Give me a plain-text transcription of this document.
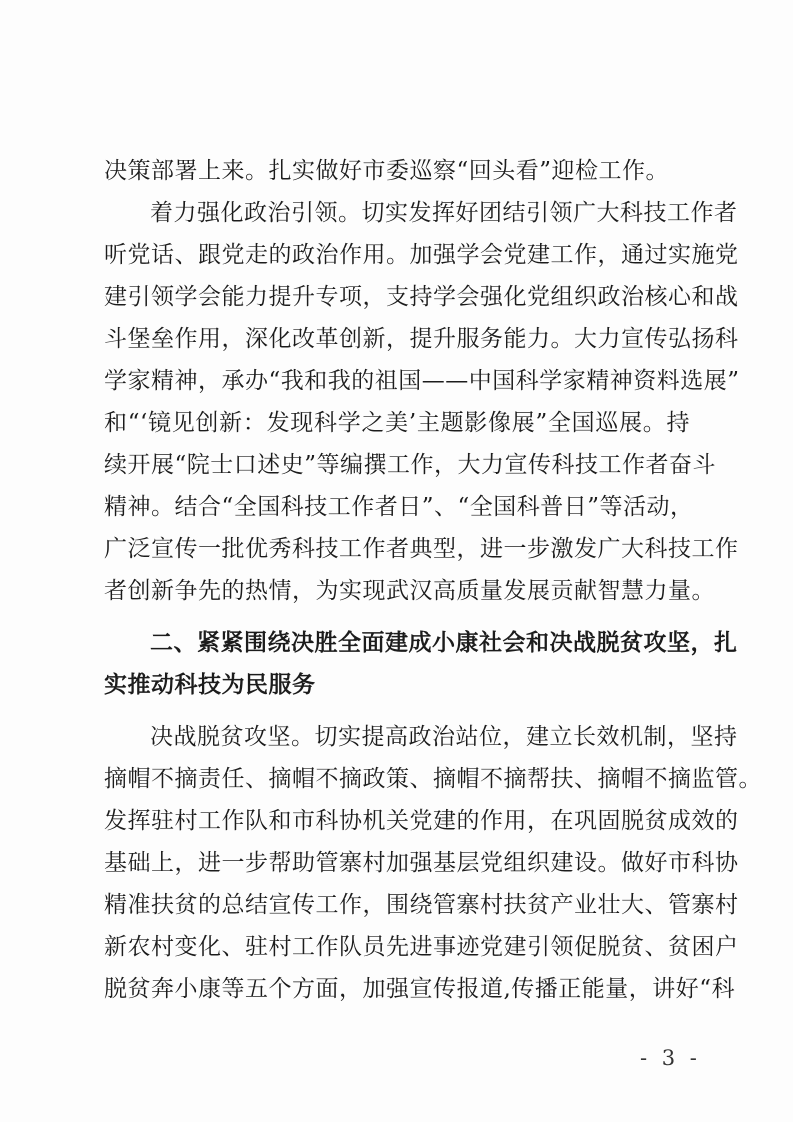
决策部署上来。扎实做好市委巡察“回头看”迎检工作。
着力强化政治引领。切实发挥好团结引领广大科技工作者
听党话、跟党走的政治作用。加强学会党建工作，通过实施党
建引领学会能力提升专项，支持学会强化党组织政治核心和战
斗堡垒作用，深化改革创新，提升服务能力。大力宣传弘扬科
学家精神，承办“我和我的祖国——中国科学家精神资料选展”
和“‘镜见创新：发现科学之美’主题影像展”全国巡展。持
续开展“院士口述史”等编撰工作，大力宣传科技工作者奋斗
精神。结合“全国科技工作者日”、“全国科普日”等活动，
广泛宣传一批优秀科技工作者典型，进一步激发广大科技工作
者创新争先的热情，为实现武汉高质量发展贡献智慧力量。
二、紧紧围绕决胜全面建成小康社会和决战脱贫攻坚，扎
实推动科技为民服务
决战脱贫攻坚。切实提高政治站位，建立长效机制，坚持
摘帽不摘责任、摘帽不摘政策、摘帽不摘帮扶、摘帽不摘监管。
发挥驻村工作队和市科协机关党建的作用，在巩固脱贫成效的
基础上，进一步帮助管寨村加强基层党组织建设。做好市科协
精准扶贫的总结宣传工作，围绕管寨村扶贫产业壮大、管寨村
新农村变化、驻村工作队员先进事迹党建引领促脱贫、贫困户
脱贫奔小康等五个方面，加强宣传报道,传播正能量，讲好“科
- 3 -
